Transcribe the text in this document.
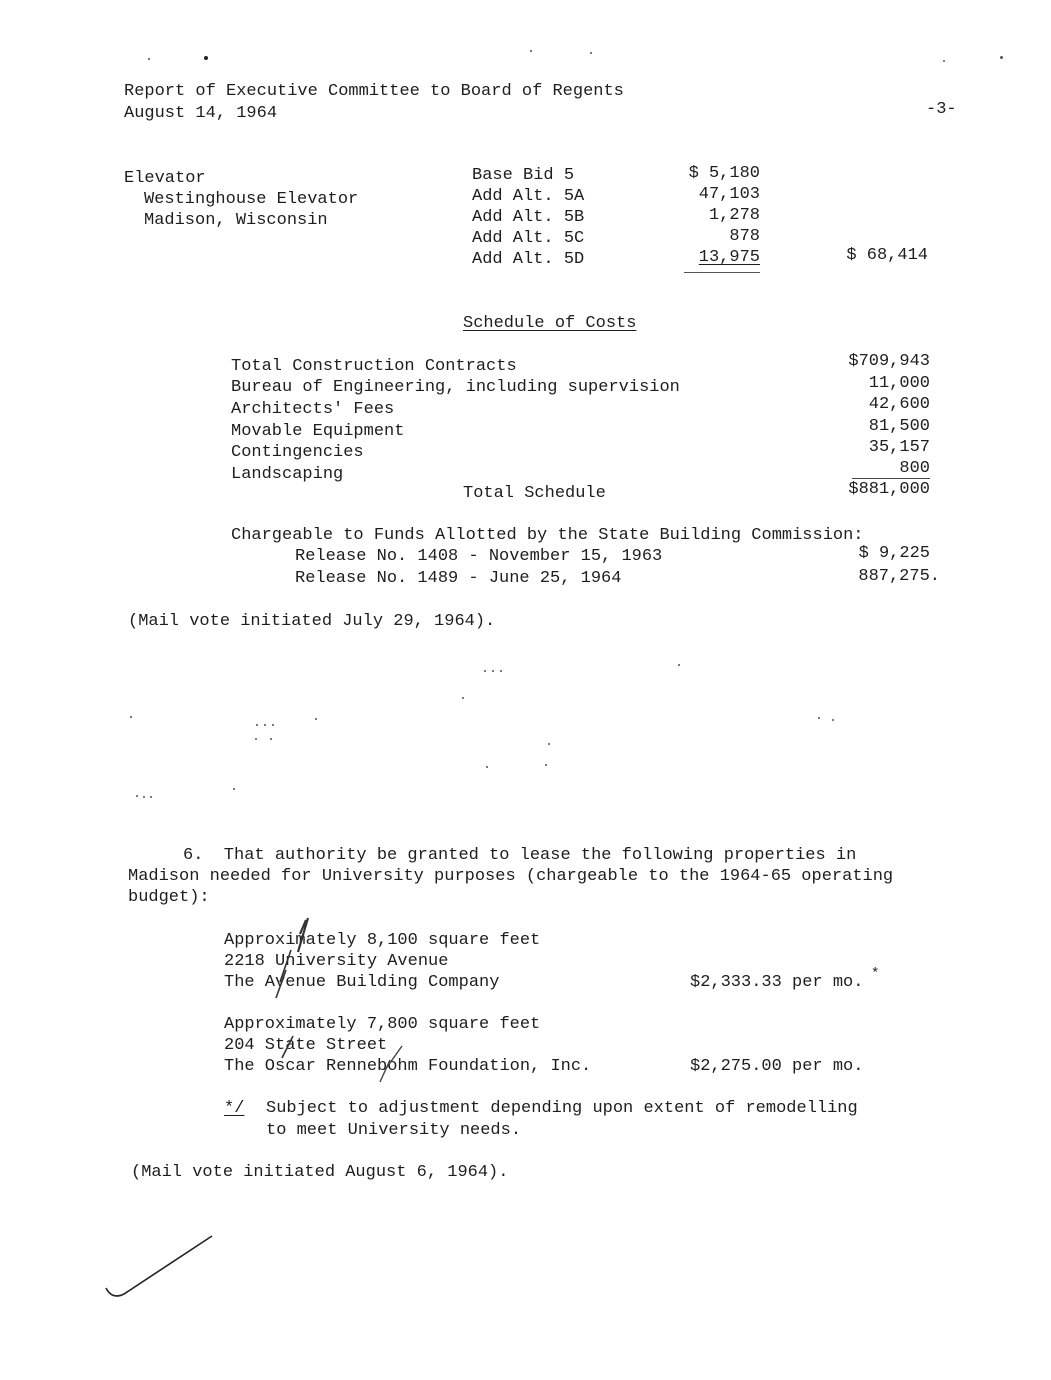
Report of Executive Committee to Board of Regents
August 14, 1964	-3-
Elevator
Westinghouse Elevator
Madison, Wisconsin
Base Bid 5	$ 5,180
Add Alt. 5A	47,103
Add Alt. 5B	1,278
Add Alt. 5C	878
Add Alt. 5D	13,975	$ 68,414
Schedule of Costs
Total Construction Contracts	$709,943
Bureau of Engineering, including supervision	11,000
Architects' Fees	42,600
Movable Equipment	81,500
Contingencies	35,157
Landscaping	800
Total Schedule	$881,000
Chargeable to Funds Allotted by the State Building Commission:
Release No. 1408 - November 15, 1963	$ 9,225
Release No. 1489 - June 25, 1964	887,275.
(Mail vote initiated July 29, 1964).
6.  That authority be granted to lease the following properties in
Madison needed for University purposes (chargeable to the 1964-65 operating
budget):
Approximately 8,100 square feet
2218 University Avenue
The Avenue Building Company	$2,333.33 per mo. *
Approximately 7,800 square feet
204 State Street
The Oscar Rennebohm Foundation, Inc.	$2,275.00 per mo.
*/ Subject to adjustment depending upon extent of remodelling
to meet University needs.
(Mail vote initiated August 6, 1964).
